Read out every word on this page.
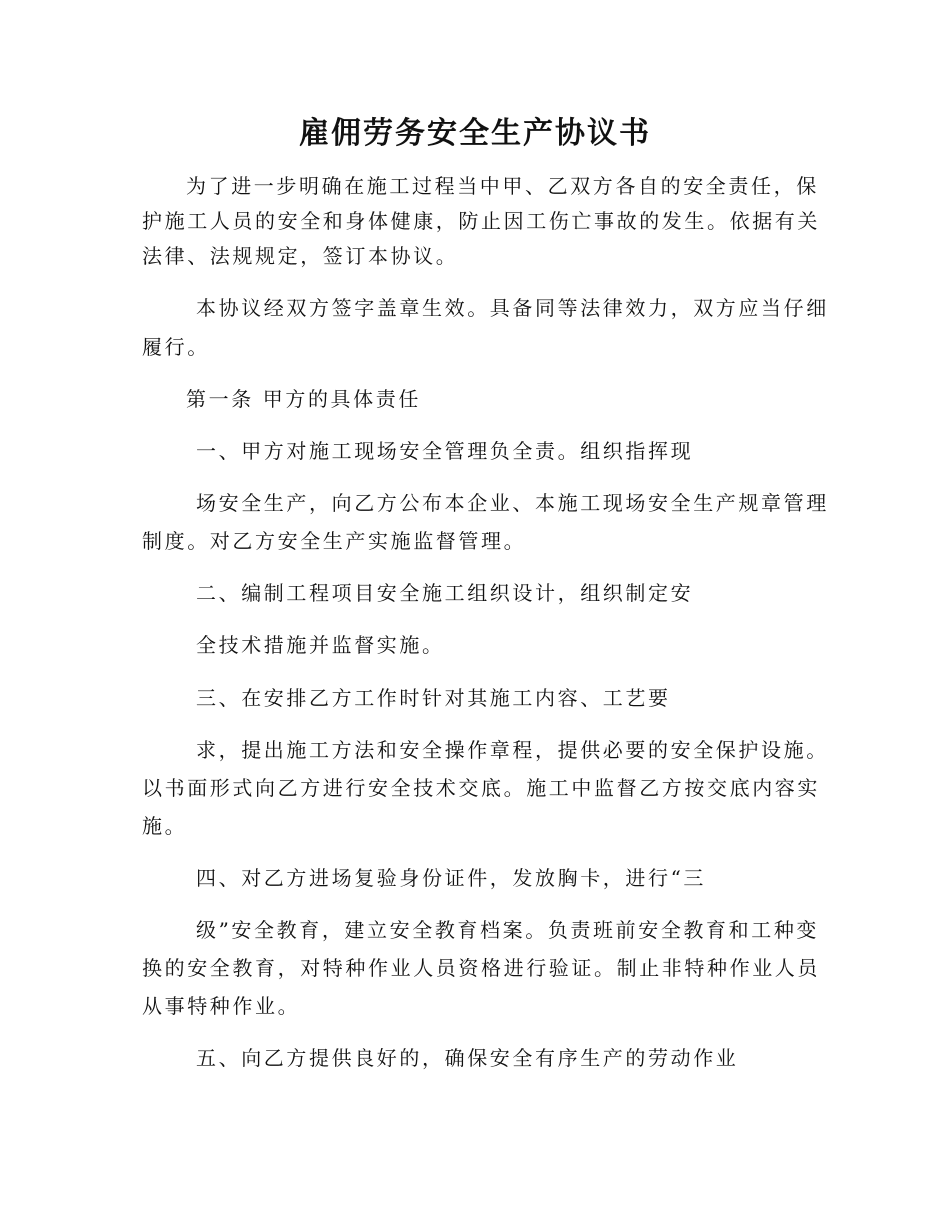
雇佣劳务安全生产协议书
为了进一步明确在施工过程当中甲、乙双方各自的安全责任，保
护施工人员的安全和身体健康，防止因工伤亡事故的发生。依据有关
法律、法规规定，签订本协议。
本协议经双方签字盖章生效。具备同等法律效力，双方应当仔细
履行。
第一条 甲方的具体责任
一、甲方对施工现场安全管理负全责。组织指挥现
场安全生产，向乙方公布本企业、本施工现场安全生产规章管理
制度。对乙方安全生产实施监督管理。
二、编制工程项目安全施工组织设计，组织制定安
全技术措施并监督实施。
三、在安排乙方工作时针对其施工内容、工艺要
求，提出施工方法和安全操作章程，提供必要的安全保护设施。
以书面形式向乙方进行安全技术交底。施工中监督乙方按交底内容实
施。
四、对乙方进场复验身份证件，发放胸卡，进行“三
级”安全教育，建立安全教育档案。负责班前安全教育和工种变
换的安全教育，对特种作业人员资格进行验证。制止非特种作业人员
从事特种作业。
五、向乙方提供良好的，确保安全有序生产的劳动作业
